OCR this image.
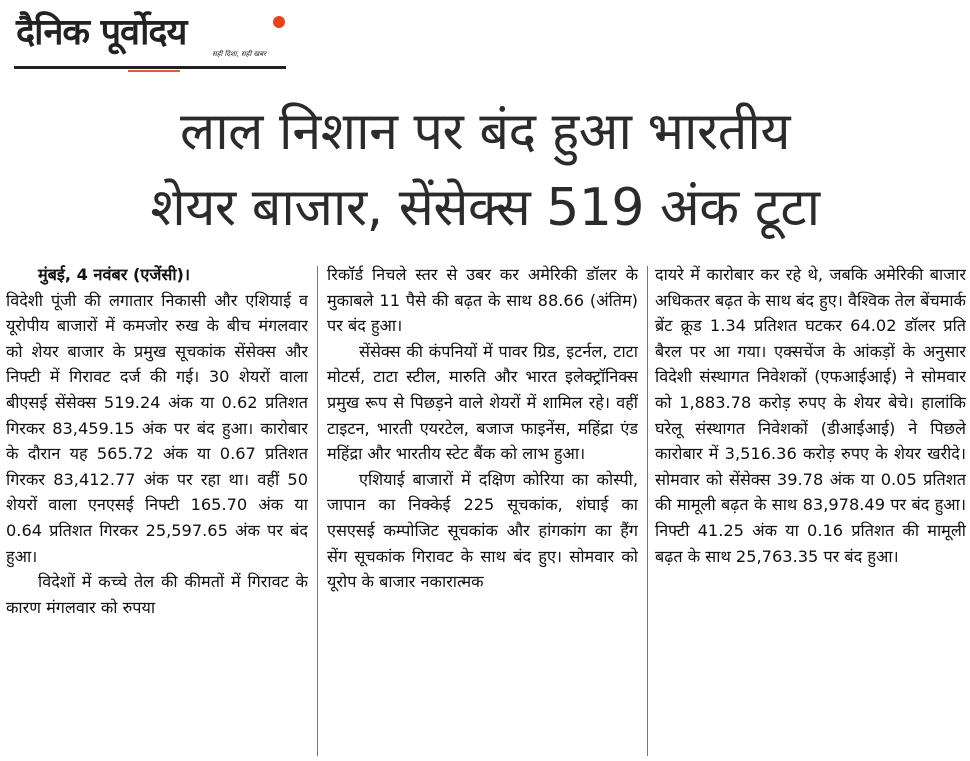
दैनिक पूर्वोदय
सही दिशा, सही खबर
लाल निशान पर बंद हुआ भारतीय
शेयर बाजार, सेंसेक्स 519 अंक टूटा

मुंबई, 4 नवंबर (एजेंसी)।

विदेशी पूंजी की लगातार निकासी और एशियाई व यूरोपीय बाजारों में कमजोर रुख के बीच मंगलवार को शेयर बाजार के प्रमुख सूचकांक सेंसेक्स और निफ्टी में गिरावट दर्ज की गई। 30 शेयरों वाला बीएसई सेंसेक्स 519.24 अंक या 0.62 प्रतिशत गिरकर 83,459.15 अंक पर बंद हुआ। कारोबार के दौरान यह 565.72 अंक या 0.67 प्रतिशत गिरकर 83,412.77 अंक पर रहा था। वहीं 50 शेयरों वाला एनएसई निफ्टी 165.70 अंक या 0.64 प्रतिशत गिरकर 25,597.65 अंक पर बंद हुआ।

विदेशों में कच्चे तेल की कीमतों में गिरावट के कारण मंगलवार को रुपया

रिकॉर्ड निचले स्तर से उबर कर अमेरिकी डॉलर के मुकाबले 11 पैसे की बढ़त के साथ 88.66 (अंतिम) पर बंद हुआ।

सेंसेक्स की कंपनियों में पावर ग्रिड, इटर्नल, टाटा मोटर्स, टाटा स्टील, मारुति और भारत इलेक्ट्रॉनिक्स प्रमुख रूप से पिछड़ने वाले शेयरों में शामिल रहे। वहीं टाइटन, भारती एयरटेल, बजाज फाइनेंस, महिंद्रा एंड महिंद्रा और भारतीय स्टेट बैंक को लाभ हुआ।

एशियाई बाजारों में दक्षिण कोरिया का कोस्पी, जापान का निक्केई 225 सूचकांक, शंघाई का एसएसई कम्पोजिट सूचकांक और हांगकांग का हैंग सेंग सूचकांक गिरावट के साथ बंद हुए। सोमवार को यूरोप के बाजार नकारात्मक

दायरे में कारोबार कर रहे थे, जबकि अमेरिकी बाजार अधिकतर बढ़त के साथ बंद हुए। वैश्विक तेल बेंचमार्क ब्रेंट क्रूड 1.34 प्रतिशत घटकर 64.02 डॉलर प्रति बैरल पर आ गया। एक्सचेंज के आंकड़ों के अनुसार विदेशी संस्थागत निवेशकों (एफआईआई) ने सोमवार को 1,883.78 करोड़ रुपए के शेयर बेचे। हालांकि घरेलू संस्थागत निवेशकों (डीआईआई) ने पिछले कारोबार में 3,516.36 करोड़ रुपए के शेयर खरीदे। सोमवार को सेंसेक्स 39.78 अंक या 0.05 प्रतिशत की मामूली बढ़त के साथ 83,978.49 पर बंद हुआ। निफ्टी 41.25 अंक या 0.16 प्रतिशत की मामूली बढ़त के साथ 25,763.35 पर बंद हुआ।
